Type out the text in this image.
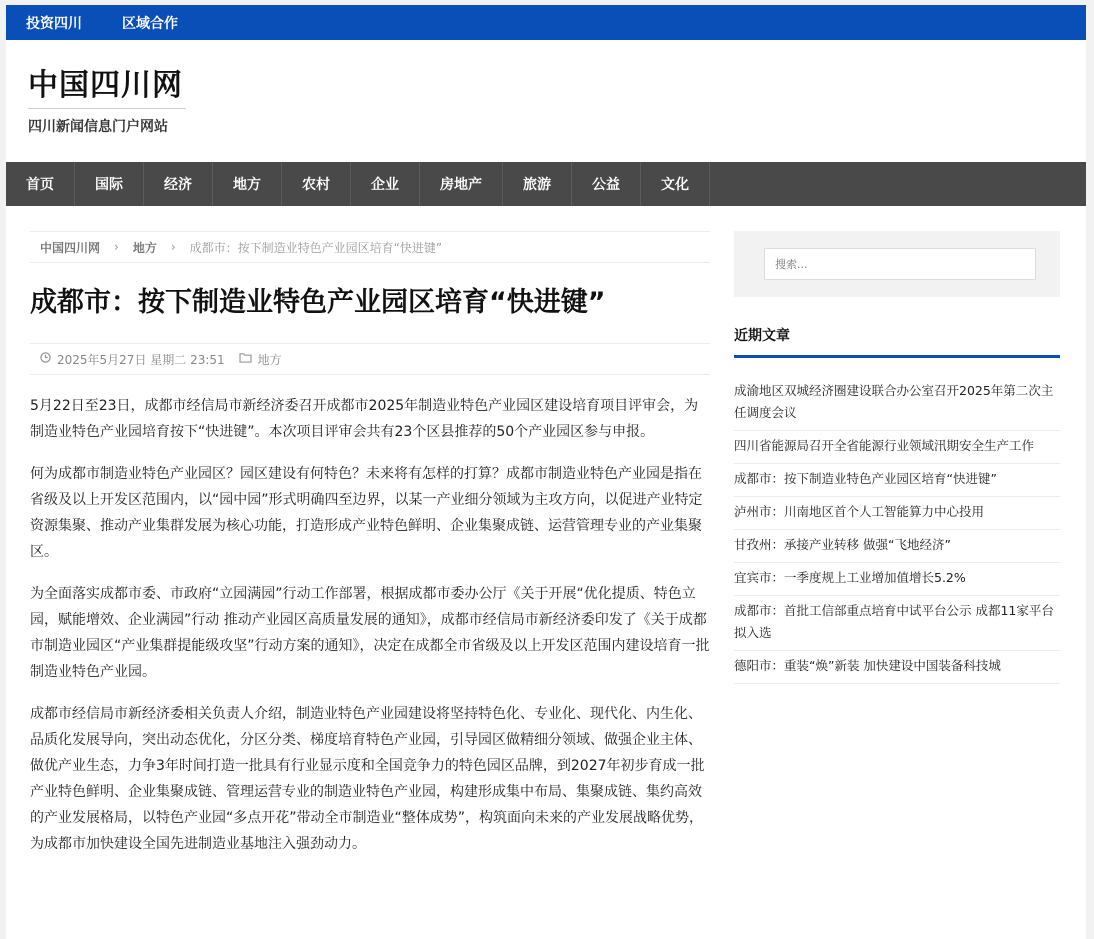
投资四川	区域合作
中国四川网
四川新闻信息门户网站
首页	国际	经济	地方	农村	企业	房地产	旅游	公益	文化
中国四川网 › 地方 › 成都市：按下制造业特色产业园区培育“快进键”
成都市：按下制造业特色产业园区培育“快进键”
2025年5月27日 星期二 23:51	地方

5月22日至23日，成都市经信局市新经济委召开成都市2025年制造业特色产业园区建设培育项目评审会，为制造业特色产业园培育按下“快进键”。本次项目评审会共有23个区县推荐的50个产业园区参与申报。

何为成都市制造业特色产业园区？园区建设有何特色？未来将有怎样的打算？成都市制造业特色产业园是指在省级及以上开发区范围内，以“园中园”形式明确四至边界，以某一产业细分领域为主攻方向，以促进产业特定资源集聚、推动产业集群发展为核心功能，打造形成产业特色鲜明、企业集聚成链、运营管理专业的产业集聚区。

为全面落实成都市委、市政府“立园满园”行动工作部署，根据成都市委办公厅《关于开展“优化提质、特色立园，赋能增效、企业满园”行动 推动产业园区高质量发展的通知》，成都市经信局市新经济委印发了《关于成都市制造业园区“产业集群提能级攻坚”行动方案的通知》，决定在成都全市省级及以上开发区范围内建设培育一批制造业特色产业园。

成都市经信局市新经济委相关负责人介绍，制造业特色产业园建设将坚持特色化、专业化、现代化、内生化、品质化发展导向，突出动态优化，分区分类、梯度培育特色产业园，引导园区做精细分领域、做强企业主体、做优产业生态，力争3年时间打造一批具有行业显示度和全国竞争力的特色园区品牌，到2027年初步育成一批产业特色鲜明、企业集聚成链、管理运营专业的制造业特色产业园，构建形成集中布局、集聚成链、集约高效的产业发展格局，以特色产业园“多点开花”带动全市制造业“整体成势”，构筑面向未来的产业发展战略优势，为成都市加快建设全国先进制造业基地注入强劲动力。

搜索...
近期文章
成渝地区双城经济圈建设联合办公室召开2025年第二次主任调度会议
四川省能源局召开全省能源行业领域汛期安全生产工作
成都市：按下制造业特色产业园区培育“快进键”
泸州市：川南地区首个人工智能算力中心投用
甘孜州：承接产业转移 做强“飞地经济”
宜宾市：一季度规上工业增加值增长5.2%
成都市：首批工信部重点培育中试平台公示 成都11家平台拟入选
德阳市：重装“焕”新装 加快建设中国装备科技城
